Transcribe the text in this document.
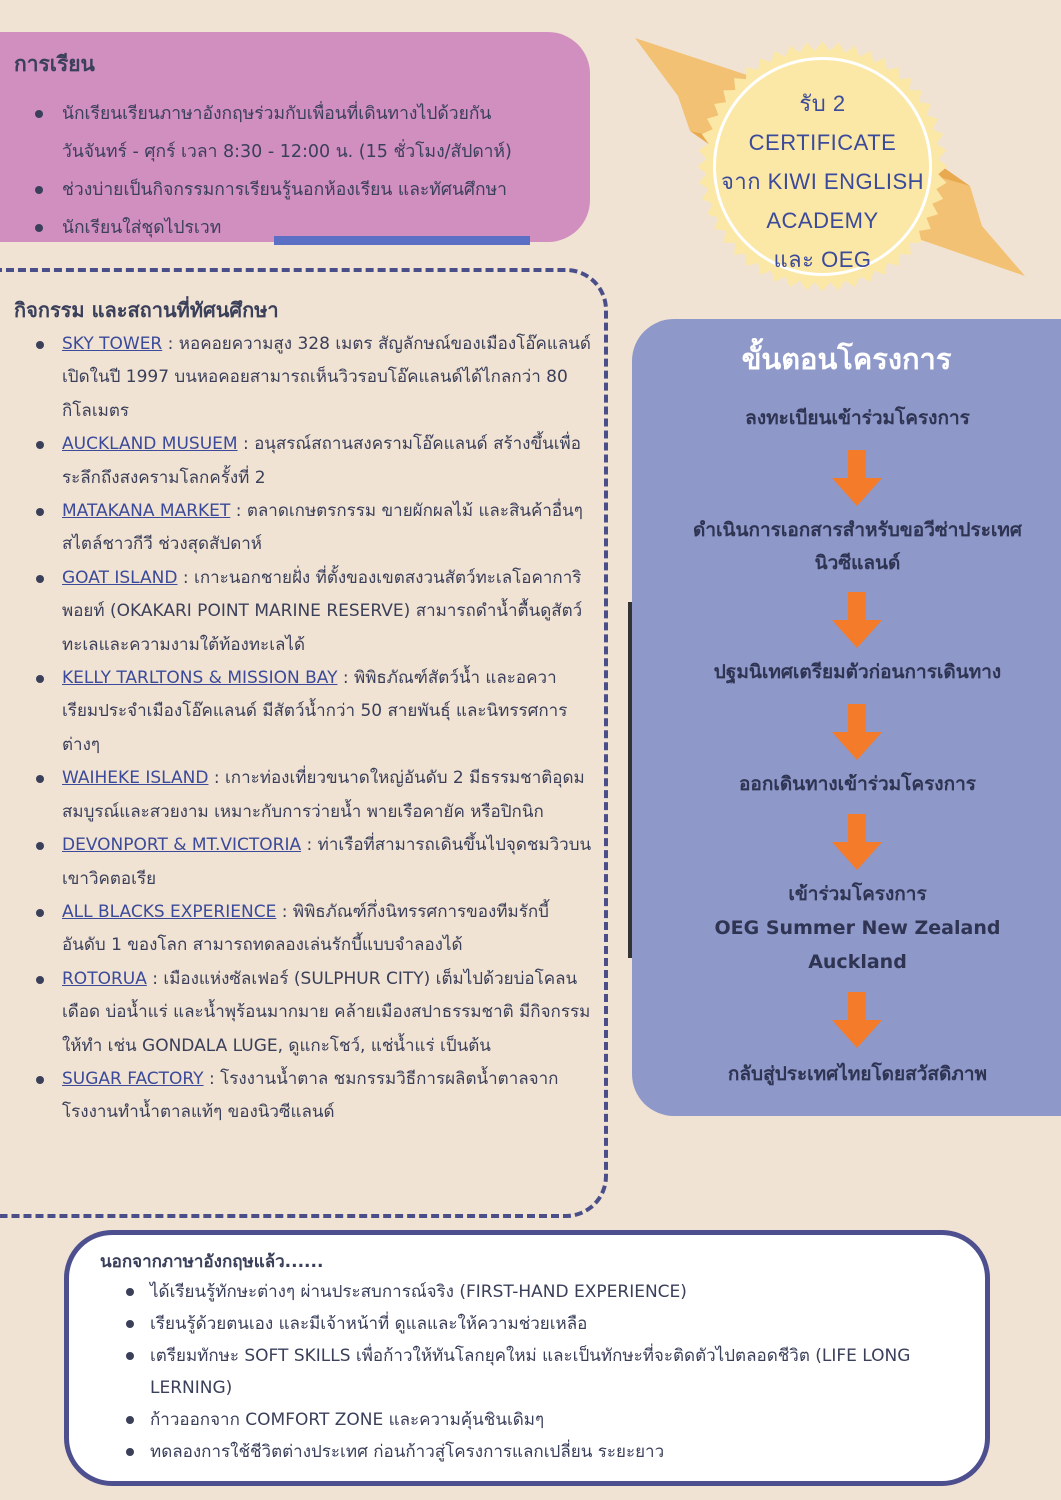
การเรียน
นักเรียนเรียนภาษาอังกฤษร่วมกับเพื่อนที่เดินทางไปด้วยกัน
วันจันทร์ - ศุกร์ เวลา 8:30 - 12:00 น. (15 ชั่วโมง/สัปดาห์)
ช่วงบ่ายเป็นกิจกรรมการเรียนรู้นอกห้องเรียน และทัศนศึกษา
นักเรียนใส่ชุดไปรเวท
รับ 2
CERTIFICATE
จาก KIWI ENGLISH
ACADEMY
และ OEG
กิจกรรม และสถานที่ทัศนศึกษา
SKY TOWER : หอคอยความสูง 328 เมตร สัญลักษณ์ของเมืองโอ๊คแลนด์ เปิดในปี 1997 บนหอคอยสามารถเห็นวิวรอบโอ๊คแลนด์ได้ไกลกว่า 80 กิโลเมตร
AUCKLAND MUSUEM : อนุสรณ์สถานสงครามโอ๊คแลนด์ สร้างขึ้นเพื่อระลึกถึงสงครามโลกครั้งที่ 2
MATAKANA MARKET : ตลาดเกษตรกรรม ขายผักผลไม้ และสินค้าอื่นๆ สไตล์ชาวกีวี ช่วงสุดสัปดาห์
GOAT ISLAND : เกาะนอกชายฝั่ง ที่ตั้งของเขตสงวนสัตว์ทะเลโอคาการิ พอยท์ (OKAKARI POINT MARINE RESERVE) สามารถดำน้ำตื้นดูสัตว์ทะเลและความงามใต้ท้องทะเลได้
KELLY TARLTONS & MISSION BAY : พิพิธภัณฑ์สัตว์น้ำ และอควาเรียมประจำเมืองโอ๊คแลนด์ มีสัตว์น้ำกว่า 50 สายพันธุ์ และนิทรรศการต่างๆ
WAIHEKE ISLAND : เกาะท่องเที่ยวขนาดใหญ่อันดับ 2 มีธรรมชาติอุดมสมบูรณ์และสวยงาม เหมาะกับการว่ายน้ำ พายเรือคายัค หรือปิกนิก
DEVONPORT & MT.VICTORIA : ท่าเรือที่สามารถเดินขึ้นไปจุดชมวิวบนเขาวิคตอเรีย
ALL BLACKS EXPERIENCE : พิพิธภัณฑ์กึ่งนิทรรศการของทีมรักบี้อันดับ 1 ของโลก สามารถทดลองเล่นรักบี้แบบจำลองได้
ROTORUA : เมืองแห่งซัลเฟอร์ (SULPHUR CITY) เต็มไปด้วยบ่อโคลนเดือด บ่อน้ำแร่ และน้ำพุร้อนมากมาย คล้ายเมืองสปาธรรมชาติ มีกิจกรรมให้ทำ เช่น GONDALA LUGE, ดูแกะโชว์, แช่น้ำแร่ เป็นต้น
SUGAR FACTORY : โรงงานน้ำตาล ชมกรรมวิธีการผลิตน้ำตาลจากโรงงานทำน้ำตาลแท้ๆ ของนิวซีแลนด์
ขั้นตอนโครงการ
ลงทะเบียนเข้าร่วมโครงการ
ดำเนินการเอกสารสำหรับขอวีซ่าประเทศนิวซีแลนด์
ปฐมนิเทศเตรียมตัวก่อนการเดินทาง
ออกเดินทางเข้าร่วมโครงการ
เข้าร่วมโครงการ
OEG Summer New Zealand
Auckland
กลับสู่ประเทศไทยโดยสวัสดิภาพ
นอกจากภาษาอังกฤษแล้ว......
ได้เรียนรู้ทักษะต่างๆ ผ่านประสบการณ์จริง (FIRST-HAND EXPERIENCE)
เรียนรู้ด้วยตนเอง และมีเจ้าหน้าที่ ดูแลและให้ความช่วยเหลือ
เตรียมทักษะ SOFT SKILLS เพื่อก้าวให้ทันโลกยุคใหม่ และเป็นทักษะที่จะติดตัวไปตลอดชีวิต (LIFE LONG LERNING)
ก้าวออกจาก COMFORT ZONE และความคุ้นชินเดิมๆ
ทดลองการใช้ชีวิตต่างประเทศ ก่อนก้าวสู่โครงการแลกเปลี่ยน ระยะยาว
